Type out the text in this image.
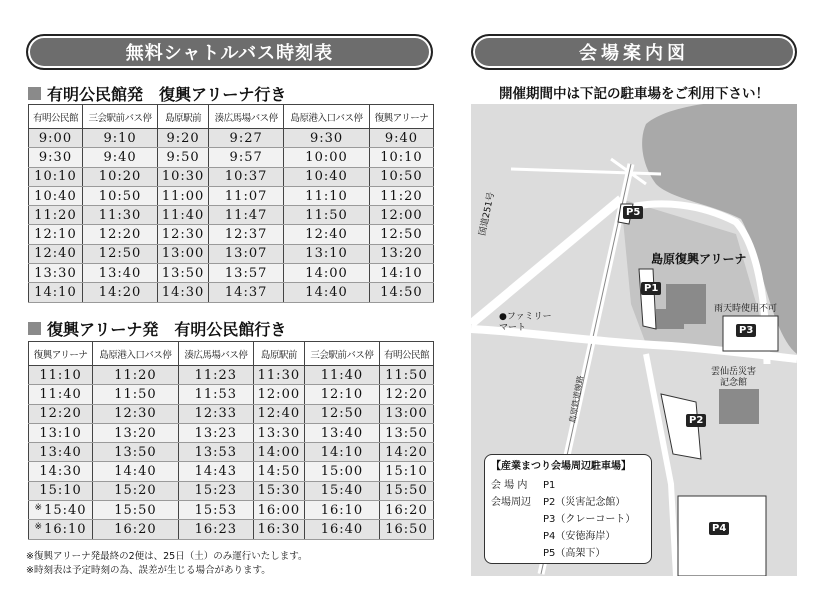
無料シャトルバス時刻表	会場案内図
有明公民館発　復興アリーナ行き
有明公民館	三会駅前バス停	島原駅前	湊広馬場バス停	島原港入口バス停	復興アリーナ
9:00	9:10	9:20	9:27	9:30	9:40
9:30	9:40	9:50	9:57	10:00	10:10
10:10	10:20	10:30	10:37	10:40	10:50
10:40	10:50	11:00	11:07	11:10	11:20
11:20	11:30	11:40	11:47	11:50	12:00
12:10	12:20	12:30	12:37	12:40	12:50
12:40	12:50	13:00	13:07	13:10	13:20
13:30	13:40	13:50	13:57	14:00	14:10
14:10	14:20	14:30	14:37	14:40	14:50
復興アリーナ発　有明公民館行き
復興アリーナ	島原港入口バス停	湊広馬場バス停	島原駅前	三会駅前バス停	有明公民館
11:10	11:20	11:23	11:30	11:40	11:50
11:40	11:50	11:53	12:00	12:10	12:20
12:20	12:30	12:33	12:40	12:50	13:00
13:10	13:20	13:23	13:30	13:40	13:50
13:40	13:50	13:53	14:00	14:10	14:20
14:30	14:40	14:43	14:50	15:00	15:10
15:10	15:20	15:23	15:30	15:40	15:50
※15:40	15:50	15:53	16:00	16:10	16:20
※16:10	16:20	16:23	16:30	16:40	16:50
※復興アリーナ発最終の2便は、25日（土）のみ運行いたします。
※時刻表は予定時刻の為、誤差が生じる場合があります。
開催期間中は下記の駐車場をご利用下さい！
島原復興アリーナ
国道251号
●ファミリー
マート
雨天時使用不可
雲仙岳災害
記念館
島原鉄道線路
P1
P2
P3
P4
P5
【産業まつり会場周辺駐車場】
会 場 内	P1
会場周辺	P2（災害記念館）
P3（クレーコート）
P4（安徳海岸）
P5（高架下）
